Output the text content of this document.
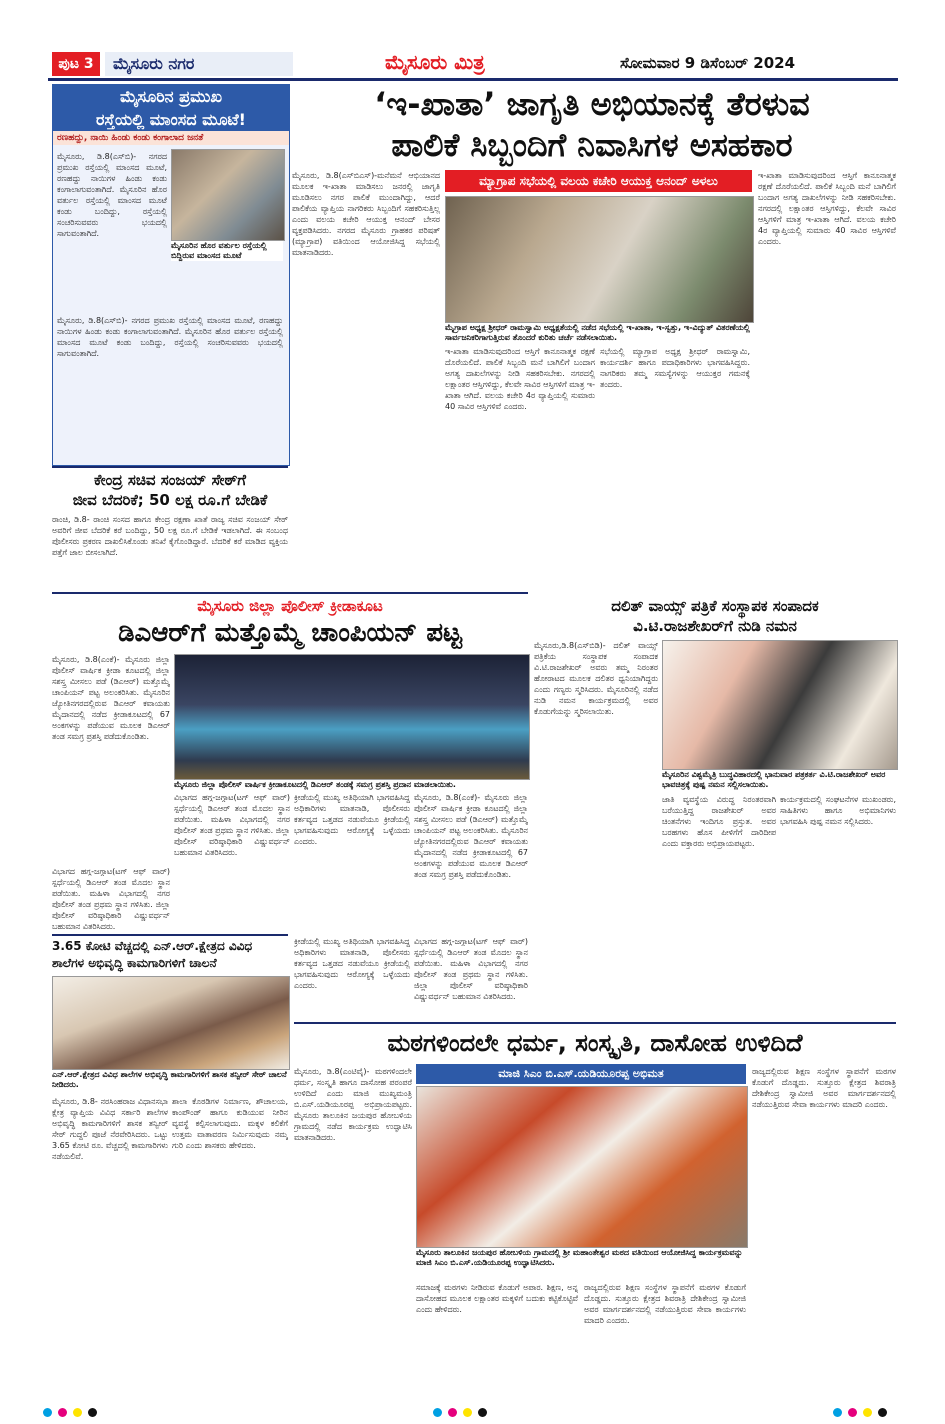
ಪುಟ 3	ಮೈಸೂರು ನಗರ	ಮೈಸೂರು ಮಿತ್ರ	ಸೋಮವಾರ 9 ಡಿಸೆಂಬರ್ 2024
ಮೈಸೂರಿನ ಪ್ರಮುಖ
ರಸ್ತೆಯಲ್ಲಿ ಮಾಂಸದ ಮೂಟೆ!
ರಣಹದ್ದು, ನಾಯಿ ಹಿಂಡು ಕಂಡು ಕಂಗಾಲಾದ ಜನತೆ
ಮೈಸೂರು, ಡಿ.8(ಎಸ್‌ಬಿ)- ನಗರದ ಪ್ರಮುಖ ರಸ್ತೆಯಲ್ಲಿ ಮಾಂಸದ ಮೂಟೆ, ರಣಹದ್ದು ನಾಯಿಗಳ ಹಿಂಡು ಕಂಡು ಕಂಗಾಲಾಗುವಂತಾಗಿದೆ. ಮೈಸೂರಿನ ಹೊರ ವರ್ತುಲ ರಸ್ತೆಯಲ್ಲಿ ಮಾಂಸದ ಮೂಟೆ ಕಂಡು ಬಂದಿದ್ದು, ರಸ್ತೆಯಲ್ಲಿ ಸಂಚರಿಸುವವರು ಭಯದಲ್ಲಿ ಸಾಗುವಂತಾಗಿದೆ.
ಮೈಸೂರಿನ ಹೊರ ವರ್ತುಲ ರಸ್ತೆಯಲ್ಲಿ ಬಿದ್ದಿರುವ ಮಾಂಸದ ಮೂಟೆ
ಮೈಸೂರು, ಡಿ.8(ಎಸ್‌ಬಿ)- ನಗರದ ಪ್ರಮುಖ ರಸ್ತೆಯಲ್ಲಿ ಮಾಂಸದ ಮೂಟೆ, ರಣಹದ್ದು ನಾಯಿಗಳ ಹಿಂಡು ಕಂಡು ಕಂಗಾಲಾಗುವಂತಾಗಿದೆ. ಮೈಸೂರಿನ ಹೊರ ವರ್ತುಲ ರಸ್ತೆಯಲ್ಲಿ ಮಾಂಸದ ಮೂಟೆ ಕಂಡು ಬಂದಿದ್ದು, ರಸ್ತೆಯಲ್ಲಿ ಸಂಚರಿಸುವವರು ಭಯದಲ್ಲಿ ಸಾಗುವಂತಾಗಿದೆ.
‘ಇ-ಖಾತಾ’ ಜಾಗೃತಿ ಅಭಿಯಾನಕ್ಕೆ ತೆರಳುವ
ಪಾಲಿಕೆ ಸಿಬ್ಬಂದಿಗೆ ನಿವಾಸಿಗಳ ಅಸಹಕಾರ
ಮ್ಯಾಗ್ರಾಪ ಸಭೆಯಲ್ಲಿ ವಲಯ ಕಚೇರಿ ಆಯುಕ್ತ ಆನಂದ್ ಅಳಲು
ಮೈಸೂರು, ಡಿ.8(ಎಸ್‌ಬಿಎಸ್)-ಮನೆಮನೆ ಆಭಿಯಾನದ ಮೂಲಕ ಇ-ಖಾತಾ ಮಾಡಿಸಲು ಜನರಲ್ಲಿ ಜಾಗೃತಿ ಮೂಡಿಸಲು ನಗರ ಪಾಲಿಕೆ ಮುಂದಾಗಿದ್ದು, ಆದರೆ ಪಾಲಿಕೆಯ ವ್ಯಾಪ್ತಿಯ ನಾಗರಿಕರು ಸಿಬ್ಬಂದಿಗೆ ಸಹಕರಿಸುತ್ತಿಲ್ಲ ಎಂದು ವಲಯ ಕಚೇರಿ ಆಯುಕ್ತ ಆನಂದ್ ಬೇಸರ ವ್ಯಕ್ತಪಡಿಸಿದರು. ನಗರದ ಮೈಸೂರು ಗ್ರಾಹಕರ ಪರಿಷತ್ (ಮ್ಯಾಗ್ರಾಪ) ವತಿಯಿಂದ ಆಯೋಜಿಸಿದ್ದ ಸಭೆಯಲ್ಲಿ ಮಾತನಾಡಿದರು.
ಮೈಗ್ರಾಪ ಅಧ್ಯಕ್ಷ ಶ್ರೀಧರ್ ರಾಮಸ್ವಾಮಿ ಅಧ್ಯಕ್ಷತೆಯಲ್ಲಿ ನಡೆದ ಸಭೆಯಲ್ಲಿ ಇ-ಖಾತಾ, ಇ-ಸ್ವತ್ತು, ಇ-ವಿದ್ಯುತ್ ವಿತರಣೆಯಲ್ಲಿ ಸಾರ್ವಜನಿಕರಿಗಾಗುತ್ತಿರುವ ತೊಂದರೆ ಕುರಿತು ಚರ್ಚೆ ನಡೆಸಲಾಯಿತು.
ಇ-ಖಾತಾ ಮಾಡಿಸುವುದರಿಂದ ಆಸ್ತಿಗೆ ಕಾನೂನಾತ್ಮಕ ರಕ್ಷಣೆ ದೊರೆಯಲಿದೆ. ಪಾಲಿಕೆ ಸಿಬ್ಬಂದಿ ಮನೆ ಬಾಗಿಲಿಗೆ ಬಂದಾಗ ಅಗತ್ಯ ದಾಖಲೆಗಳನ್ನು ನೀಡಿ ಸಹಕರಿಸಬೇಕು. ನಗರದಲ್ಲಿ ಲಕ್ಷಾಂತರ ಆಸ್ತಿಗಳಿದ್ದು, ಕೆಲವೇ ಸಾವಿರ ಆಸ್ತಿಗಳಿಗೆ ಮಾತ್ರ ಇ-ಖಾತಾ ಆಗಿದೆ. ವಲಯ ಕಚೇರಿ 4ರ ವ್ಯಾಪ್ತಿಯಲ್ಲಿ ಸುಮಾರು 40 ಸಾವಿರ ಆಸ್ತಿಗಳಿವೆ ಎಂದರು.
ಸಭೆಯಲ್ಲಿ ಮ್ಯಾಗ್ರಾಪ ಅಧ್ಯಕ್ಷ ಶ್ರೀಧರ್ ರಾಮಸ್ವಾಮಿ, ಕಾರ್ಯದರ್ಶಿ ಹಾಗೂ ಪದಾಧಿಕಾರಿಗಳು ಭಾಗವಹಿಸಿದ್ದರು. ನಾಗರಿಕರು ತಮ್ಮ ಸಮಸ್ಯೆಗಳನ್ನು ಆಯುಕ್ತರ ಗಮನಕ್ಕೆ ತಂದರು.
ಇ-ಖಾತಾ ಮಾಡಿಸುವುದರಿಂದ ಆಸ್ತಿಗೆ ಕಾನೂನಾತ್ಮಕ ರಕ್ಷಣೆ ದೊರೆಯಲಿದೆ. ಪಾಲಿಕೆ ಸಿಬ್ಬಂದಿ ಮನೆ ಬಾಗಿಲಿಗೆ ಬಂದಾಗ ಅಗತ್ಯ ದಾಖಲೆಗಳನ್ನು ನೀಡಿ ಸಹಕರಿಸಬೇಕು. ನಗರದಲ್ಲಿ ಲಕ್ಷಾಂತರ ಆಸ್ತಿಗಳಿದ್ದು, ಕೆಲವೇ ಸಾವಿರ ಆಸ್ತಿಗಳಿಗೆ ಮಾತ್ರ ಇ-ಖಾತಾ ಆಗಿದೆ. ವಲಯ ಕಚೇರಿ 4ರ ವ್ಯಾಪ್ತಿಯಲ್ಲಿ ಸುಮಾರು 40 ಸಾವಿರ ಆಸ್ತಿಗಳಿವೆ ಎಂದರು.
ಕೇಂದ್ರ ಸಚಿವ ಸಂಜಯ್ ಸೇಠ್‌ಗೆ
ಜೀವ ಬೆದರಿಕೆ; 50 ಲಕ್ಷ ರೂ.ಗೆ ಬೇಡಿಕೆ
ರಾಂಚಿ, ಡಿ.8- ರಾಂಚಿ ಸಂಸದ ಹಾಗೂ ಕೇಂದ್ರ ರಕ್ಷಣಾ ಖಾತೆ ರಾಜ್ಯ ಸಚಿವ ಸಂಜಯ್ ಸೇಠ್ ಅವರಿಗೆ ಜೀವ ಬೆದರಿಕೆ ಕರೆ ಬಂದಿದ್ದು, 50 ಲಕ್ಷ ರೂ.ಗೆ ಬೇಡಿಕೆ ಇಡಲಾಗಿದೆ. ಈ ಸಂಬಂಧ ಪೊಲೀಸರು ಪ್ರಕರಣ ದಾಖಲಿಸಿಕೊಂಡು ತನಿಖೆ ಕೈಗೊಂಡಿದ್ದಾರೆ. ಬೆದರಿಕೆ ಕರೆ ಮಾಡಿದ ವ್ಯಕ್ತಿಯ ಪತ್ತೆಗೆ ಜಾಲ ಬೀಸಲಾಗಿದೆ.
ಮೈಸೂರು ಜಿಲ್ಲಾ ಪೊಲೀಸ್ ಕ್ರೀಡಾಕೂಟ
ಡಿಎಆರ್‌ಗೆ ಮತ್ತೊಮ್ಮೆ ಚಾಂಪಿಯನ್ ಪಟ್ಟ
ಮೈಸೂರು, ಡಿ.8(ಎಂಕೆ)- ಮೈಸೂರು ಜಿಲ್ಲಾ ಪೊಲೀಸ್ ವಾರ್ಷಿಕ ಕ್ರೀಡಾ ಕೂಟದಲ್ಲಿ ಜಿಲ್ಲಾ ಸಶಸ್ತ್ರ ಮೀಸಲು ಪಡೆ (ಡಿಎಆರ್) ಮತ್ತೊಮ್ಮೆ ಚಾಂಪಿಯನ್ ಪಟ್ಟ ಅಲಂಕರಿಸಿತು. ಮೈಸೂರಿನ ಜ್ಯೋತಿನಗರದಲ್ಲಿರುವ ಡಿಎಆರ್ ಕವಾಯತು ಮೈದಾನದಲ್ಲಿ ನಡೆದ ಕ್ರೀಡಾಕೂಟದಲ್ಲಿ 67 ಅಂಕಗಳನ್ನು ಪಡೆಯುವ ಮೂಲಕ ಡಿಎಆರ್ ತಂಡ ಸಮಗ್ರ ಪ್ರಶಸ್ತಿ ಪಡೆದುಕೊಂಡಿತು.
ಮೈಸೂರು ಜಿಲ್ಲಾ ಪೊಲೀಸ್ ವಾರ್ಷಿಕ ಕ್ರೀಡಾಕೂಟದಲ್ಲಿ ಡಿಎಆರ್ ತಂಡಕ್ಕೆ ಸಮಗ್ರ ಪ್ರಶಸ್ತಿ ಪ್ರದಾನ ಮಾಡಲಾಯಿತು.
ವಿಭಾಗದ ಹಗ್ಗ-ಜಗ್ಗಾಟ(ಟಗ್ ಆಫ್ ವಾರ್) ಸ್ಪರ್ಧೆಯಲ್ಲಿ ಡಿಎಆರ್ ತಂಡ ಮೊದಲ ಸ್ಥಾನ ಪಡೆಯಿತು. ಮಹಿಳಾ ವಿಭಾಗದಲ್ಲಿ ನಗರ ಪೊಲೀಸ್ ತಂಡ ಪ್ರಥಮ ಸ್ಥಾನ ಗಳಿಸಿತು. ಜಿಲ್ಲಾ ಪೊಲೀಸ್ ವರಿಷ್ಠಾಧಿಕಾರಿ ವಿಷ್ಣುವರ್ಧನ್ ಬಹುಮಾನ ವಿತರಿಸಿದರು.
ಕ್ರೀಡೆಯಲ್ಲಿ ಮುಖ್ಯ ಅತಿಥಿಯಾಗಿ ಭಾಗವಹಿಸಿದ್ದ ಅಧಿಕಾರಿಗಳು ಮಾತನಾಡಿ, ಪೊಲೀಸರು ಕರ್ತವ್ಯದ ಒತ್ತಡದ ನಡುವೆಯೂ ಕ್ರೀಡೆಯಲ್ಲಿ ಭಾಗವಹಿಸುವುದು ಆರೋಗ್ಯಕ್ಕೆ ಒಳ್ಳೆಯದು ಎಂದರು.
ಮೈಸೂರು, ಡಿ.8(ಎಂಕೆ)- ಮೈಸೂರು ಜಿಲ್ಲಾ ಪೊಲೀಸ್ ವಾರ್ಷಿಕ ಕ್ರೀಡಾ ಕೂಟದಲ್ಲಿ ಜಿಲ್ಲಾ ಸಶಸ್ತ್ರ ಮೀಸಲು ಪಡೆ (ಡಿಎಆರ್) ಮತ್ತೊಮ್ಮೆ ಚಾಂಪಿಯನ್ ಪಟ್ಟ ಅಲಂಕರಿಸಿತು. ಮೈಸೂರಿನ ಜ್ಯೋತಿನಗರದಲ್ಲಿರುವ ಡಿಎಆರ್ ಕವಾಯತು ಮೈದಾನದಲ್ಲಿ ನಡೆದ ಕ್ರೀಡಾಕೂಟದಲ್ಲಿ 67 ಅಂಕಗಳನ್ನು ಪಡೆಯುವ ಮೂಲಕ ಡಿಎಆರ್ ತಂಡ ಸಮಗ್ರ ಪ್ರಶಸ್ತಿ ಪಡೆದುಕೊಂಡಿತು.
ವಿಭಾಗದ ಹಗ್ಗ-ಜಗ್ಗಾಟ(ಟಗ್ ಆಫ್ ವಾರ್) ಸ್ಪರ್ಧೆಯಲ್ಲಿ ಡಿಎಆರ್ ತಂಡ ಮೊದಲ ಸ್ಥಾನ ಪಡೆಯಿತು. ಮಹಿಳಾ ವಿಭಾಗದಲ್ಲಿ ನಗರ ಪೊಲೀಸ್ ತಂಡ ಪ್ರಥಮ ಸ್ಥಾನ ಗಳಿಸಿತು. ಜಿಲ್ಲಾ ಪೊಲೀಸ್ ವರಿಷ್ಠಾಧಿಕಾರಿ ವಿಷ್ಣುವರ್ಧನ್ ಬಹುಮಾನ ವಿತರಿಸಿದರು.
3.65 ಕೋಟಿ ವೆಚ್ಚದಲ್ಲಿ ಎನ್.ಆರ್.ಕ್ಷೇತ್ರದ ವಿವಿಧ
ಶಾಲೆಗಳ ಅಭಿವೃದ್ಧಿ ಕಾಮಗಾರಿಗಳಿಗೆ ಚಾಲನೆ
ಎನ್.ಆರ್.ಕ್ಷೇತ್ರದ ವಿವಿಧ ಶಾಲೆಗಳ ಅಭಿವೃದ್ಧಿ ಕಾಮಗಾರಿಗಳಿಗೆ ಶಾಸಕ ತನ್ವೀರ್ ಸೇಠ್ ಚಾಲನೆ ನೀಡಿದರು.
ಮೈಸೂರು, ಡಿ.8- ನರಸಿಂಹರಾಜ ವಿಧಾನಸಭಾ ಕ್ಷೇತ್ರ ವ್ಯಾಪ್ತಿಯ ವಿವಿಧ ಸರ್ಕಾರಿ ಶಾಲೆಗಳ ಅಭಿವೃದ್ಧಿ ಕಾಮಗಾರಿಗಳಿಗೆ ಶಾಸಕ ತನ್ವೀರ್ ಸೇಠ್ ಗುದ್ದಲಿ ಪೂಜೆ ನೆರವೇರಿಸಿದರು. ಒಟ್ಟು 3.65 ಕೋಟಿ ರೂ. ವೆಚ್ಚದಲ್ಲಿ ಕಾಮಗಾರಿಗಳು ನಡೆಯಲಿವೆ.
ಶಾಲಾ ಕೊಠಡಿಗಳ ನಿರ್ಮಾಣ, ಶೌಚಾಲಯ, ಕಾಂಪೌಂಡ್ ಹಾಗೂ ಕುಡಿಯುವ ನೀರಿನ ವ್ಯವಸ್ಥೆ ಕಲ್ಪಿಸಲಾಗುವುದು. ಮಕ್ಕಳ ಕಲಿಕೆಗೆ ಉತ್ತಮ ವಾತಾವರಣ ನಿರ್ಮಿಸುವುದು ನಮ್ಮ ಗುರಿ ಎಂದು ಶಾಸಕರು ಹೇಳಿದರು.
ಕ್ರೀಡೆಯಲ್ಲಿ ಮುಖ್ಯ ಅತಿಥಿಯಾಗಿ ಭಾಗವಹಿಸಿದ್ದ ಅಧಿಕಾರಿಗಳು ಮಾತನಾಡಿ, ಪೊಲೀಸರು ಕರ್ತವ್ಯದ ಒತ್ತಡದ ನಡುವೆಯೂ ಕ್ರೀಡೆಯಲ್ಲಿ ಭಾಗವಹಿಸುವುದು ಆರೋಗ್ಯಕ್ಕೆ ಒಳ್ಳೆಯದು ಎಂದರು.
ವಿಭಾಗದ ಹಗ್ಗ-ಜಗ್ಗಾಟ(ಟಗ್ ಆಫ್ ವಾರ್) ಸ್ಪರ್ಧೆಯಲ್ಲಿ ಡಿಎಆರ್ ತಂಡ ಮೊದಲ ಸ್ಥಾನ ಪಡೆಯಿತು. ಮಹಿಳಾ ವಿಭಾಗದಲ್ಲಿ ನಗರ ಪೊಲೀಸ್ ತಂಡ ಪ್ರಥಮ ಸ್ಥಾನ ಗಳಿಸಿತು. ಜಿಲ್ಲಾ ಪೊಲೀಸ್ ವರಿಷ್ಠಾಧಿಕಾರಿ ವಿಷ್ಣುವರ್ಧನ್ ಬಹುಮಾನ ವಿತರಿಸಿದರು.
ದಲಿತ್ ವಾಯ್ಸ್ ಪತ್ರಿಕೆ ಸಂಸ್ಥಾಪಕ ಸಂಪಾದಕ
ವಿ.ಟಿ.ರಾಜಶೇಖರ್‌ಗೆ ನುಡಿ ನಮನ
ಮೈಸೂರು,ಡಿ.8(ಎಸ್‌ಬಿಡಿ)- ದಲಿತ್ ವಾಯ್ಸ್ ಪತ್ರಿಕೆಯ ಸಂಸ್ಥಾಪಕ ಸಂಪಾದಕ ವಿ.ಟಿ.ರಾಜಶೇಖರ್ ಅವರು ತಮ್ಮ ನಿರಂತರ ಹೋರಾಟದ ಮೂಲಕ ದಲಿತರ ಧ್ವನಿಯಾಗಿದ್ದರು ಎಂದು ಗಣ್ಯರು ಸ್ಮರಿಸಿದರು. ಮೈಸೂರಿನಲ್ಲಿ ನಡೆದ ನುಡಿ ನಮನ ಕಾರ್ಯಕ್ರಮದಲ್ಲಿ ಅವರ ಕೊಡುಗೆಯನ್ನು ಸ್ಮರಿಸಲಾಯಿತು.
ಮೈಸೂರಿನ ವಿಶ್ವಮೈತ್ರಿ ಬುದ್ಧವಿಹಾರದಲ್ಲಿ ಭಾನುವಾರ ಪತ್ರಕರ್ತ ವಿ.ಟಿ.ರಾಜಶೇಖರ್ ಅವರ ಭಾವಚಿತ್ರಕ್ಕೆ ಪುಷ್ಪ ನಮನ ಸಲ್ಲಿಸಲಾಯಿತು.
ಜಾತಿ ವ್ಯವಸ್ಥೆಯ ವಿರುದ್ಧ ನಿರಂತರವಾಗಿ ಬರೆಯುತ್ತಿದ್ದ ರಾಜಶೇಖರ್ ಅವರ ಚಿಂತನೆಗಳು ಇಂದಿಗೂ ಪ್ರಸ್ತುತ. ಅವರ ಬರಹಗಳು ಹೊಸ ಪೀಳಿಗೆಗೆ ದಾರಿದೀಪ ಎಂದು ವಕ್ತಾರರು ಅಭಿಪ್ರಾಯಪಟ್ಟರು.
ಕಾರ್ಯಕ್ರಮದಲ್ಲಿ ಸಂಘಟನೆಗಳ ಮುಖಂಡರು, ಸಾಹಿತಿಗಳು ಹಾಗೂ ಅಭಿಮಾನಿಗಳು ಭಾಗವಹಿಸಿ ಪುಷ್ಪ ನಮನ ಸಲ್ಲಿಸಿದರು.
ಮಠಗಳಿಂದಲೇ ಧರ್ಮ, ಸಂಸ್ಕೃತಿ, ದಾಸೋಹ ಉಳಿದಿದೆ
ಮೈಸೂರು, ಡಿ.8(ಎಂಟಿವೈ)- ಮಠಗಳಿಂದಲೇ ಧರ್ಮ, ಸಂಸ್ಕೃತಿ ಹಾಗೂ ದಾಸೋಹ ಪರಂಪರೆ ಉಳಿದಿದೆ ಎಂದು ಮಾಜಿ ಮುಖ್ಯಮಂತ್ರಿ ಬಿ.ಎಸ್.ಯಡಿಯೂರಪ್ಪ ಅಭಿಪ್ರಾಯಪಟ್ಟರು. ಮೈಸೂರು ತಾಲೂಕಿನ ಜಯಪುರ ಹೋಬಳಿಯ ಗ್ರಾಮದಲ್ಲಿ ನಡೆದ ಕಾರ್ಯಕ್ರಮ ಉದ್ಘಾಟಿಸಿ ಮಾತನಾಡಿದರು.
ಮಾಜಿ ಸಿಎಂ ಬಿ.ಎಸ್.ಯಡಿಯೂರಪ್ಪ ಅಭಿಮತ
ಮೈಸೂರು ತಾಲೂಕಿನ ಜಯಪುರ ಹೋಬಳಿಯ ಗ್ರಾಮದಲ್ಲಿ ಶ್ರೀ ಮಹಾಂತೇಶ್ವರ ಮಠದ ವತಿಯಿಂದ ಆಯೋಜಿಸಿದ್ದ ಕಾರ್ಯಕ್ರಮವನ್ನು ಮಾಜಿ ಸಿಎಂ ಬಿ.ಎಸ್.ಯಡಿಯೂರಪ್ಪ ಉದ್ಘಾಟಿಸಿದರು.
ಸಮಾಜಕ್ಕೆ ಮಠಗಳು ನೀಡಿರುವ ಕೊಡುಗೆ ಅಪಾರ. ಶಿಕ್ಷಣ, ಅನ್ನ ದಾಸೋಹದ ಮೂಲಕ ಲಕ್ಷಾಂತರ ಮಕ್ಕಳಿಗೆ ಬದುಕು ಕಟ್ಟಿಕೊಟ್ಟಿವೆ ಎಂದು ಹೇಳಿದರು.
ರಾಜ್ಯದಲ್ಲಿರುವ ಶಿಕ್ಷಣ ಸಂಸ್ಥೆಗಳ ಸ್ಥಾಪನೆಗೆ ಮಠಗಳ ಕೊಡುಗೆ ದೊಡ್ಡದು. ಸುತ್ತೂರು ಕ್ಷೇತ್ರದ ಶಿವರಾತ್ರಿ ದೇಶಿಕೇಂದ್ರ ಸ್ವಾಮೀಜಿ ಅವರ ಮಾರ್ಗದರ್ಶನದಲ್ಲಿ ನಡೆಯುತ್ತಿರುವ ಸೇವಾ ಕಾರ್ಯಗಳು ಮಾದರಿ ಎಂದರು.
ರಾಜ್ಯದಲ್ಲಿರುವ ಶಿಕ್ಷಣ ಸಂಸ್ಥೆಗಳ ಸ್ಥಾಪನೆಗೆ ಮಠಗಳ ಕೊಡುಗೆ ದೊಡ್ಡದು. ಸುತ್ತೂರು ಕ್ಷೇತ್ರದ ಶಿವರಾತ್ರಿ ದೇಶಿಕೇಂದ್ರ ಸ್ವಾಮೀಜಿ ಅವರ ಮಾರ್ಗದರ್ಶನದಲ್ಲಿ ನಡೆಯುತ್ತಿರುವ ಸೇವಾ ಕಾರ್ಯಗಳು ಮಾದರಿ ಎಂದರು.
